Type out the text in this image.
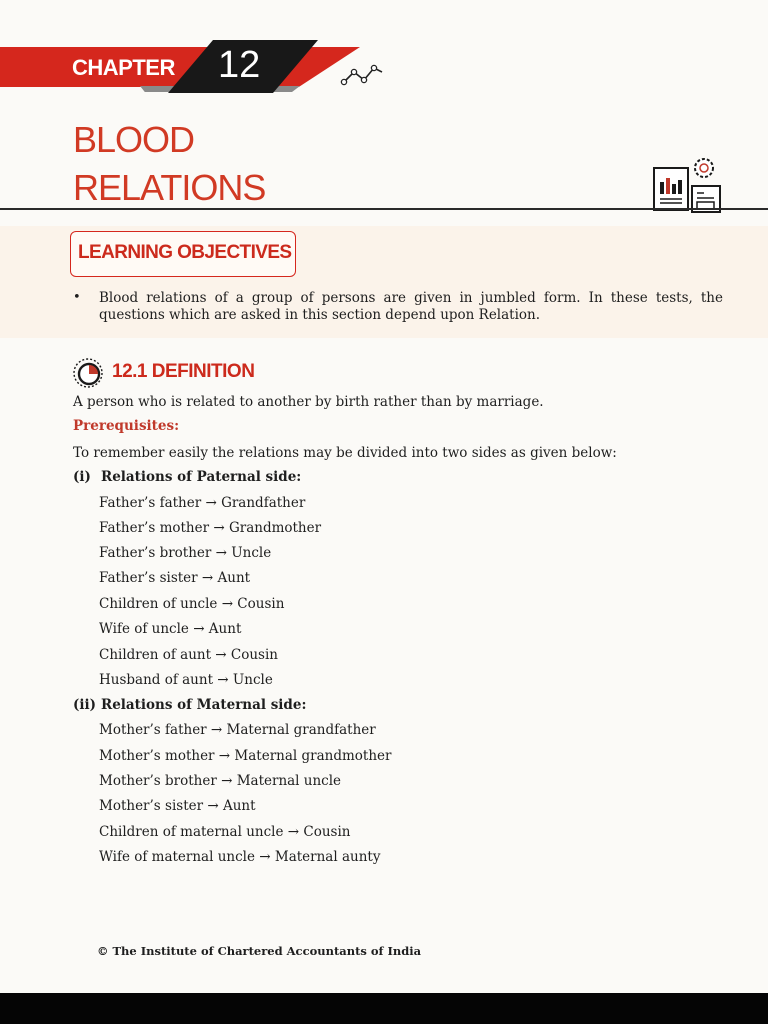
CHAPTER 12
BLOOD
RELATIONS
LEARNING OBJECTIVES
• Blood relations of a group of persons are given in jumbled form. In these tests, the questions which are asked in this section depend upon Relation.
12.1 DEFINITION
A person who is related to another by birth rather than by marriage.
Prerequisites:
To remember easily the relations may be divided into two sides as given below:
(i) Relations of Paternal side:
Father’s father → Grandfather
Father’s mother → Grandmother
Father’s brother → Uncle
Father’s sister → Aunt
Children of uncle → Cousin
Wife of uncle → Aunt
Children of aunt → Cousin
Husband of aunt → Uncle
(ii) Relations of Maternal side:
Mother’s father → Maternal grandfather
Mother’s mother → Maternal grandmother
Mother’s brother → Maternal uncle
Mother’s sister → Aunt
Children of maternal uncle → Cousin
Wife of maternal uncle → Maternal aunty
© The Institute of Chartered Accountants of India
